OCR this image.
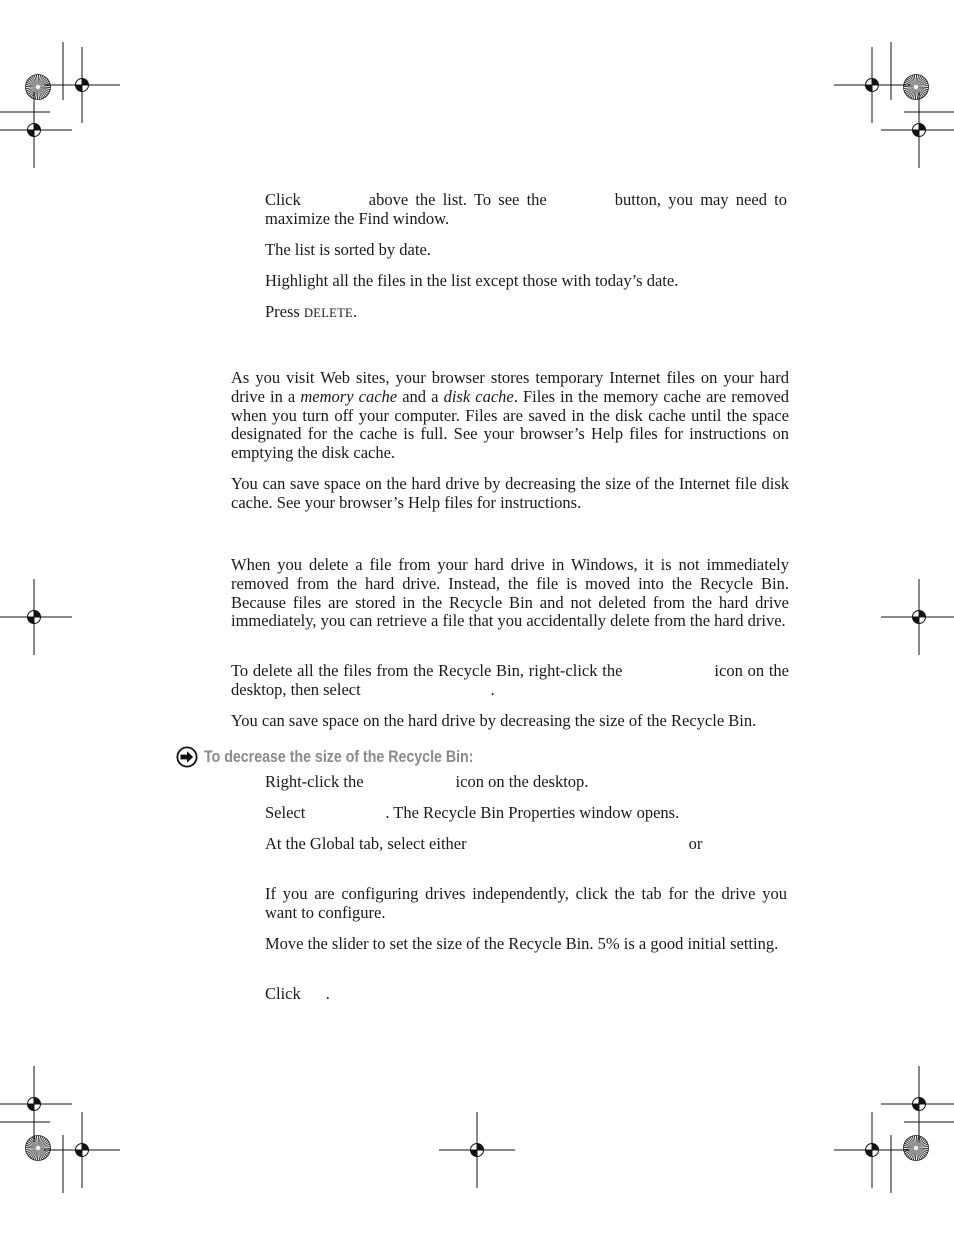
Click	above the list. To see the	button, you may need to maximize the Find window.

The list is sorted by date.

Highlight all the files in the list except those with today’s date.

Press DELETE.

As you visit Web sites, your browser stores temporary Internet files on your hard drive in a memory cache and a disk cache. Files in the memory cache are removed when you turn off your computer. Files are saved in the disk cache until the space designated for the cache is full. See your browser’s Help files for instructions on emptying the disk cache.

You can save space on the hard drive by decreasing the size of the Internet file disk cache. See your browser’s Help files for instructions.

When you delete a file from your hard drive in Windows, it is not immediately removed from the hard drive. Instead, the file is moved into the Recycle Bin. Because files are stored in the Recycle Bin and not deleted from the hard drive immediately, you can retrieve a file that you accidentally delete from the hard drive.

To delete all the files from the Recycle Bin, right-click the	icon on the desktop, then select	.

You can save space on the hard drive by decreasing the size of the Recycle Bin.

To decrease the size of the Recycle Bin:

Right-click the	icon on the desktop.

Select	. The Recycle Bin Properties window opens.

At the Global tab, select either	or

If you are configuring drives independently, click the tab for the drive you want to configure.

Move the slider to set the size of the Recycle Bin. 5% is a good initial setting.

Click .
